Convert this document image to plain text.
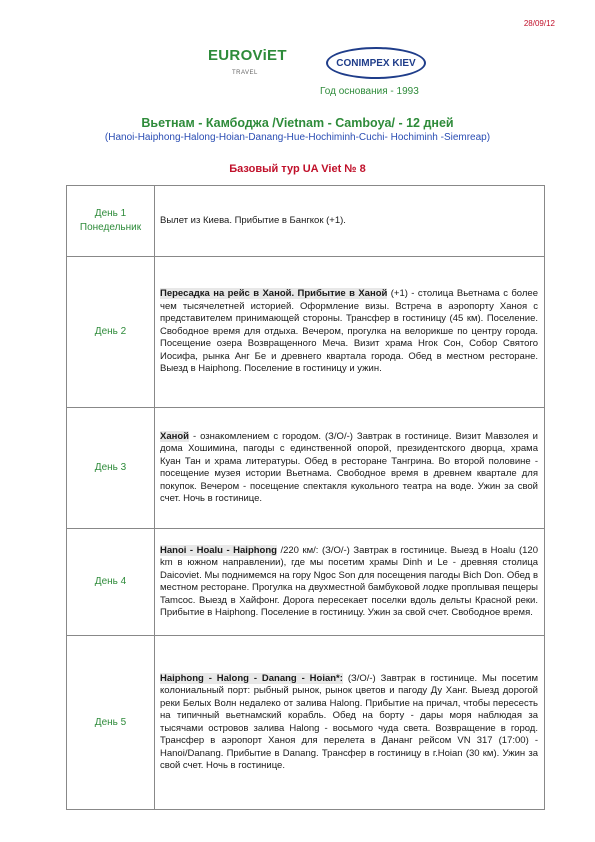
28/09/12
EUROViET
TRAVEL
CONIMPEX KIEV
Год основания - 1993
Вьетнам - Камбоджа /Vietnam - Camboya/ - 12 дней
(Hanoi-Haiphong-Halong-Hoian-Danang-Hue-Hochiminh-Cuchi- Hochiminh -Siemreap)
Базовый тур UA Viet № 8
День 1
Понедельник	Вылет из Киева. Прибытие в Бангкок (+1).

День 2	Пересадка на рейс в Ханой. Прибытие в Ханой (+1) - столица Вьетнама с более чем тысячелетней историей. Оформление визы. Встреча в аэропорту Ханоя с представителем принимающей стороны. Трансфер в гостиницу (45 км). Поселение. Свободное время для отдыха. Вечером, прогулка на велорикше по центру города. Посещение озера Возвращенного Меча. Визит храма Нгок Сон, Собор Святого Иосифа, рынка Анг Бе и древнего квартала города. Обед в местном ресторане. Выезд в Haiphong. Поселение в гостиницу и ужин.

День 3	Ханой - ознакомлением с городом. (З/О/-) Завтрак в гостинице. Визит Мавзолея и дома Хошимина, пагоды с единственной опорой, президентского дворца, храма Куан Тан и храма литературы. Обед в ресторане Тангрина. Во второй половине - посещение музея истории Вьетнама. Свободное время в древнем квартале для покупок. Вечером - посещение спектакля кукольного театра на воде. Ужин за свой счет. Ночь в гостинице.

День 4	Hanoi - Hoalu - Haiphong /220 км/: (З/О/-) Завтрак в гостинице. Выезд в Hoalu (120 km в южном направлении), где мы посетим храмы Dinh и Le - древняя столица Daicoviet. Мы поднимемся на гору Ngoc Son для посещения пагоды Bich Don. Обед в местном ресторане. Прогулка на двухместной бамбуковой лодке проплывая пещеры Tamcoc. Выезд в Хайфонг. Дорога пересекает поселки вдоль дельты Красной реки. Прибытие в Haiphong. Поселение в гостиницу. Ужин за свой счет. Свободное время.

День 5	Haiphong - Halong - Danang - Hoian*: (З/О/-) Завтрак в гостинице. Мы посетим колониальный порт: рыбный рынок, рынок цветов и пагоду Ду Ханг. Выезд дорогой реки Белых Волн недалеко от залива Halong. Прибытие на причал, чтобы пересесть на типичный вьетнамский корабль. Обед на борту - дары моря наблюдая за тысячами островов залива Halong - восьмого чуда света. Возвращение в город. Трансфер в аэропорт Ханоя для перелета в Дананг рейсом VN 317 (17:00) - Hanoi/Danang. Прибытие в Danang. Трансфер в гостиницу в г.Hoian (30 км). Ужин за свой счет. Ночь в гостинице.
